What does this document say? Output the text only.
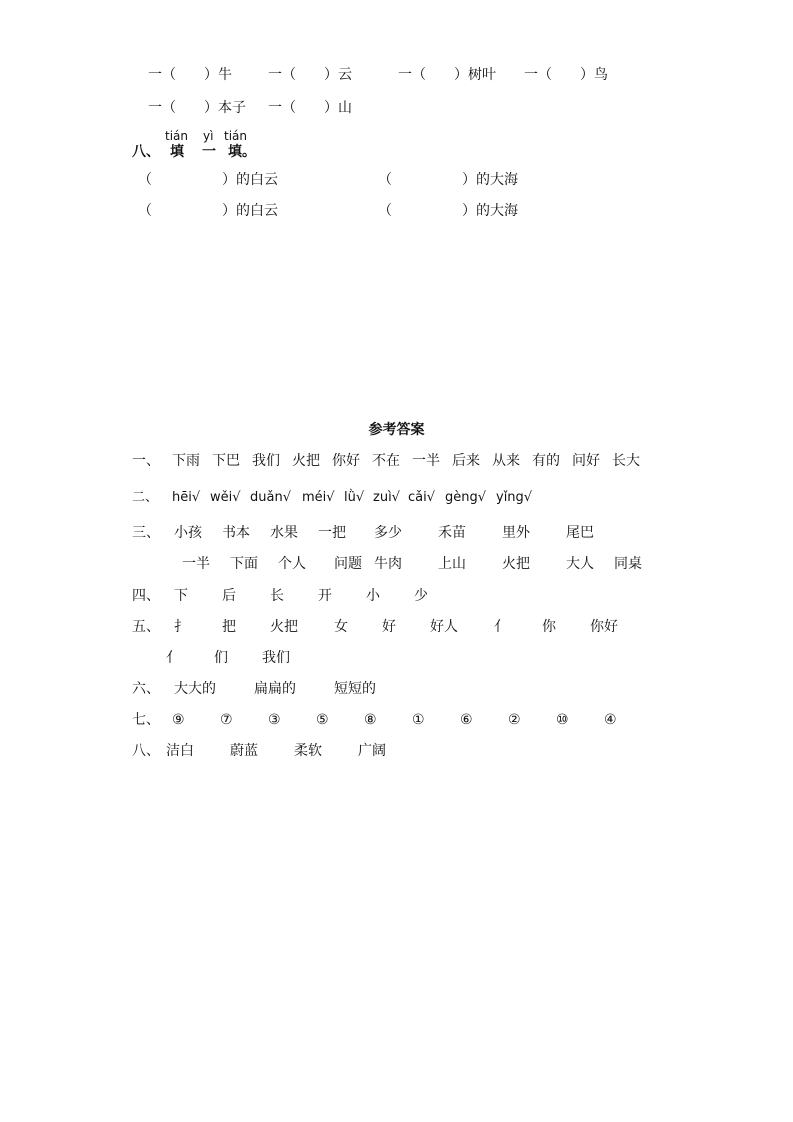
一（　　）牛	一（　　）云	一（　　）树叶 一（　　）鸟
一（　　）本子 一（　　）山
tián yì tián
八、 填 一 填。
（　　　　　）的白云	（　　　　　）的大海
（　　　　　）的白云	（　　　　　）的大海
参考答案
一、 下雨 下巴 我们 火把 你好 不在 一半 后来 从来 有的 问好 长大
二、 hēi√ wěi√ duǎn√ méi√ lǜ√ zuì√ cǎi√ gèng√ yǐng√
三、 小孩 书本 水果 一把 多少	禾苗	里外	尾巴
一半 下面 个人 问题 牛肉	上山	火把	大人 同桌
四、 下 后 长 开 小 少
五、 扌 把 火把	女 好 好人	亻 你 你好
亻 们 我们
六、 大大的	扁扁的	短短的
七、 ⑨	⑦	③	⑤	⑧	①	⑥	②	⑩	④
八、 洁白	蔚蓝	柔软	广阔
